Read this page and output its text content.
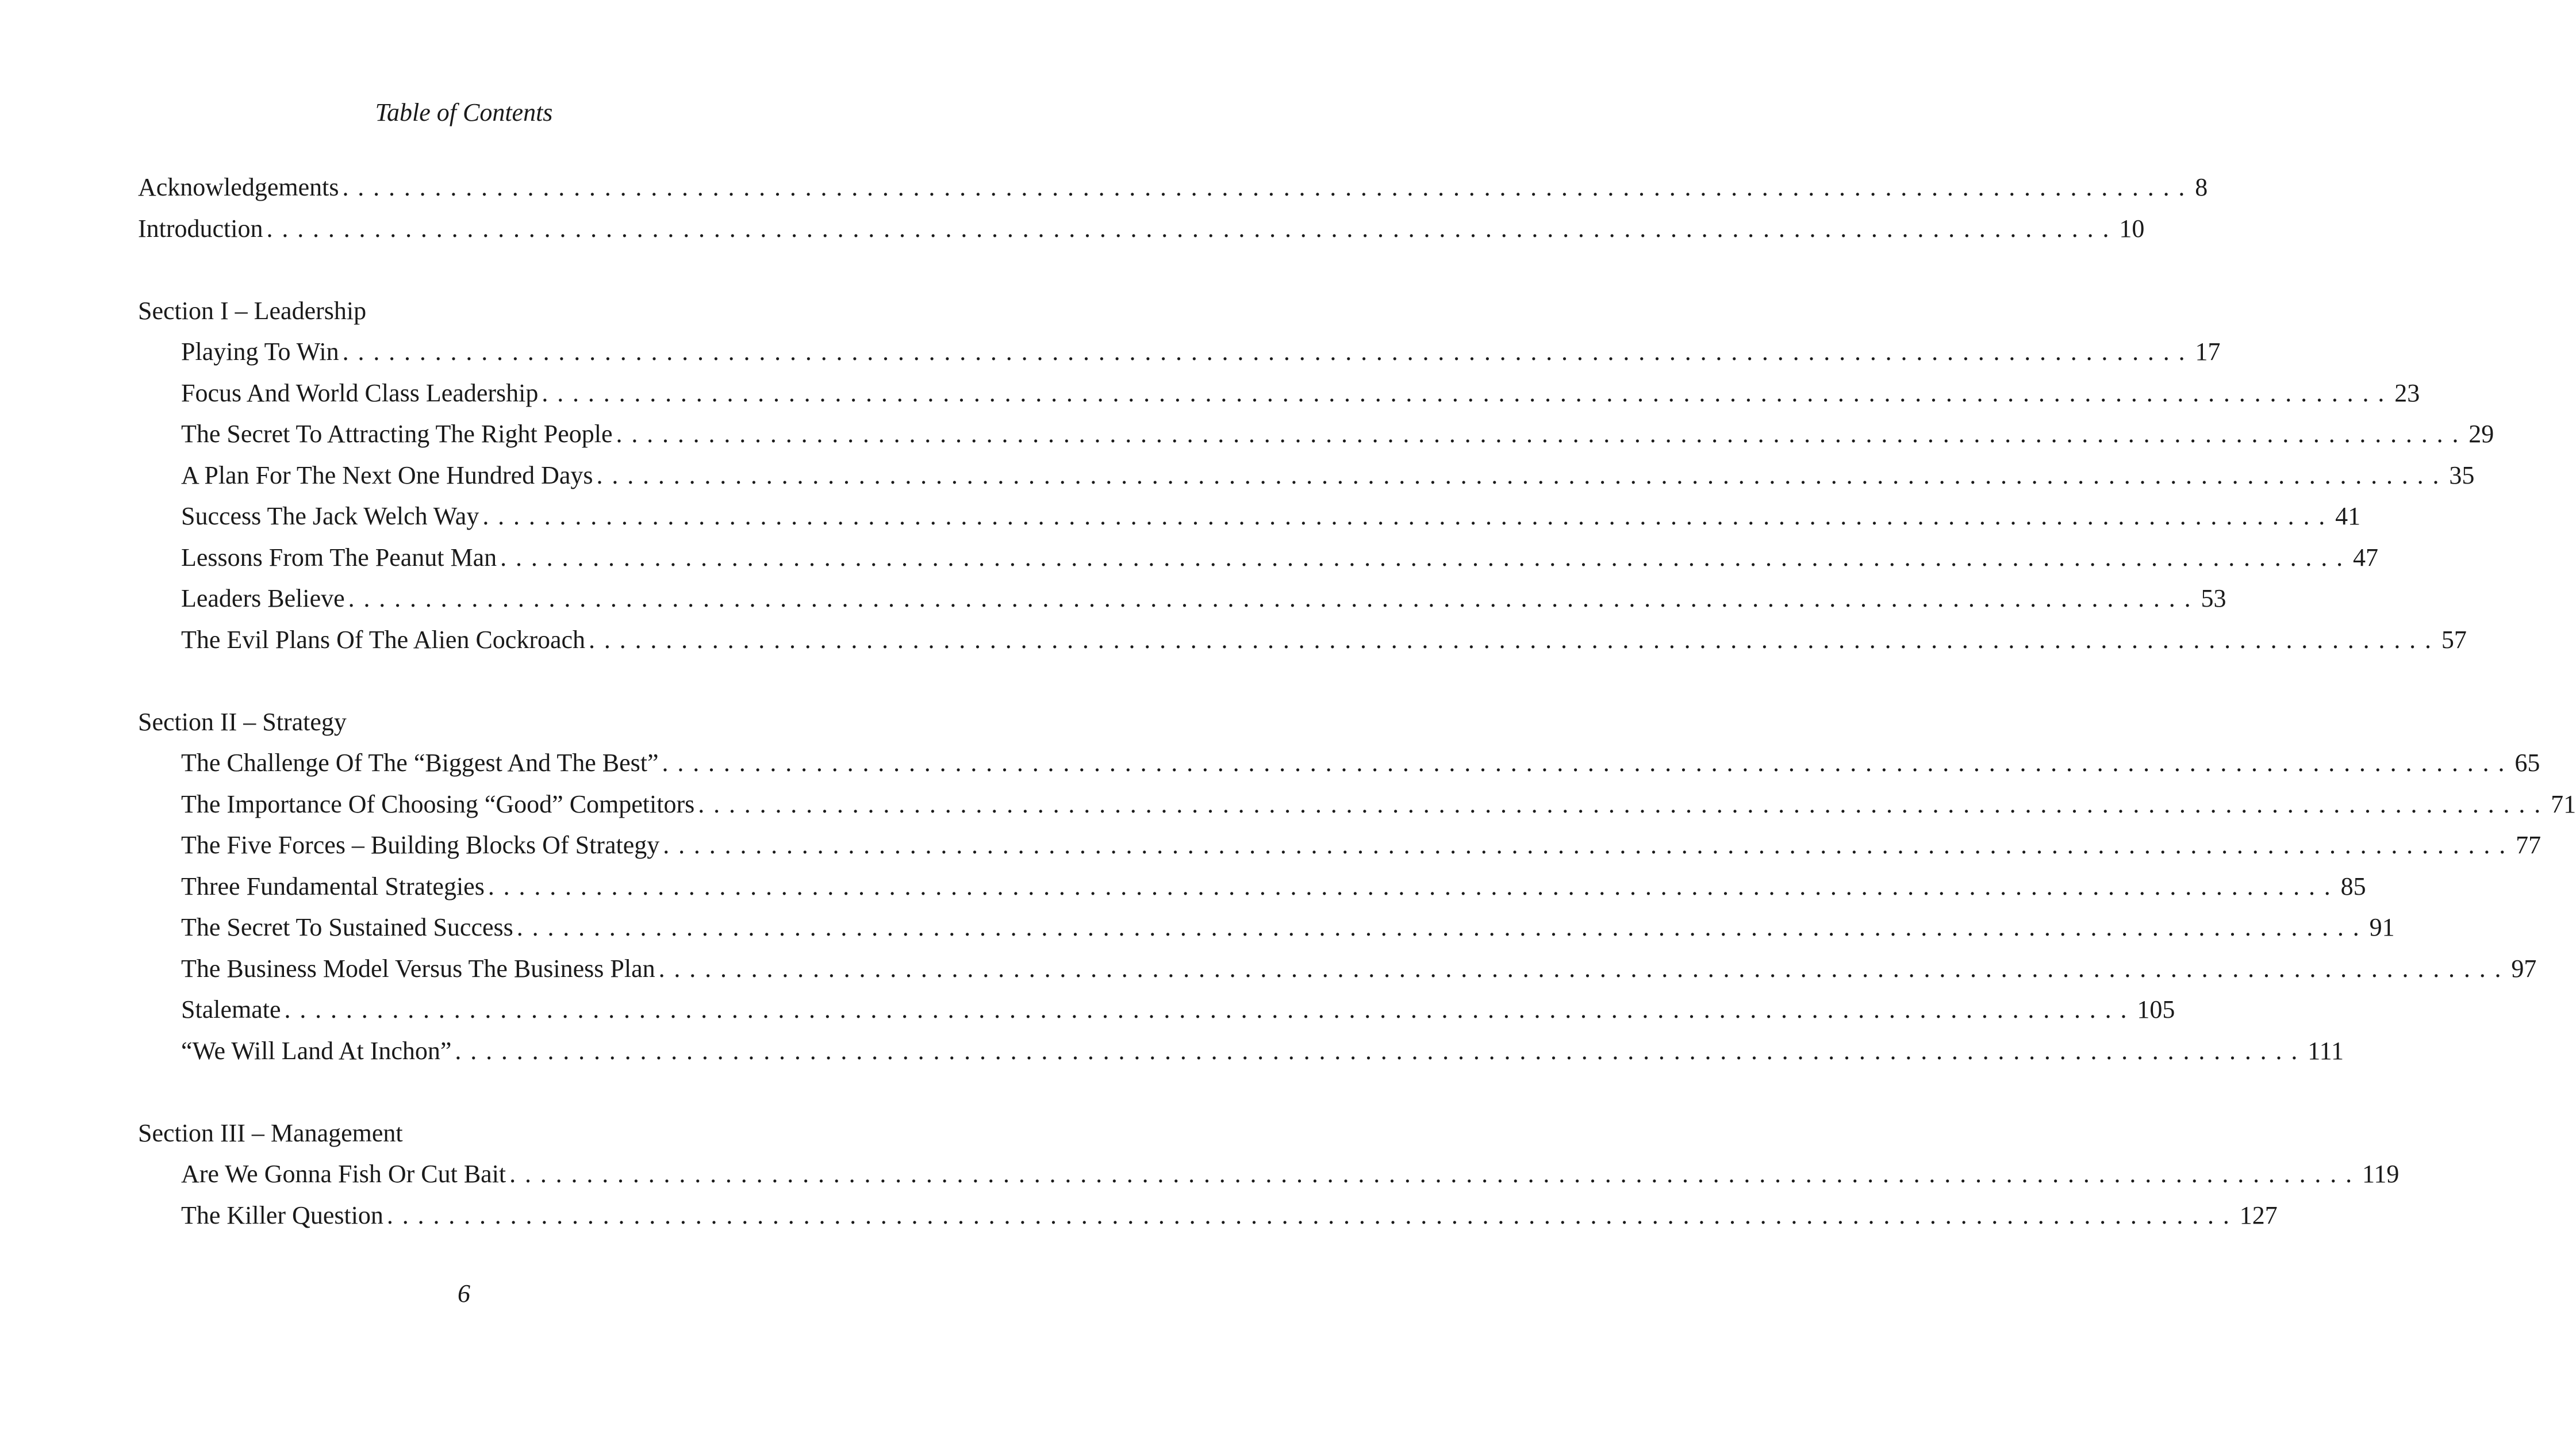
Table of Contents
Acknowledgements ........................................................................................................................ 8
Introduction ........................................................................................................................ 10
Section I – Leadership
Playing To Win ........................................................................................................................ 17
Focus And World Class Leadership ........................................................................................................................ 23
The Secret To Attracting The Right People ........................................................................................................................ 29
A Plan For The Next One Hundred Days ........................................................................................................................ 35
Success The Jack Welch Way ........................................................................................................................ 41
Lessons From The Peanut Man ........................................................................................................................ 47
Leaders Believe ........................................................................................................................ 53
The Evil Plans Of The Alien Cockroach ........................................................................................................................ 57
Section II – Strategy
The Challenge Of The “Biggest And The Best” ........................................................................................................................ 65
The Importance Of Choosing “Good” Competitors ........................................................................................................................ 71
The Five Forces – Building Blocks Of Strategy ........................................................................................................................ 77
Three Fundamental Strategies ........................................................................................................................ 85
The Secret To Sustained Success ........................................................................................................................ 91
The Business Model Versus The Business Plan ........................................................................................................................ 97
Stalemate ........................................................................................................................ 105
“We Will Land At Inchon” ........................................................................................................................ 111
Section III – Management
Are We Gonna Fish Or Cut Bait ........................................................................................................................ 119
The Killer Question ........................................................................................................................ 127
6
